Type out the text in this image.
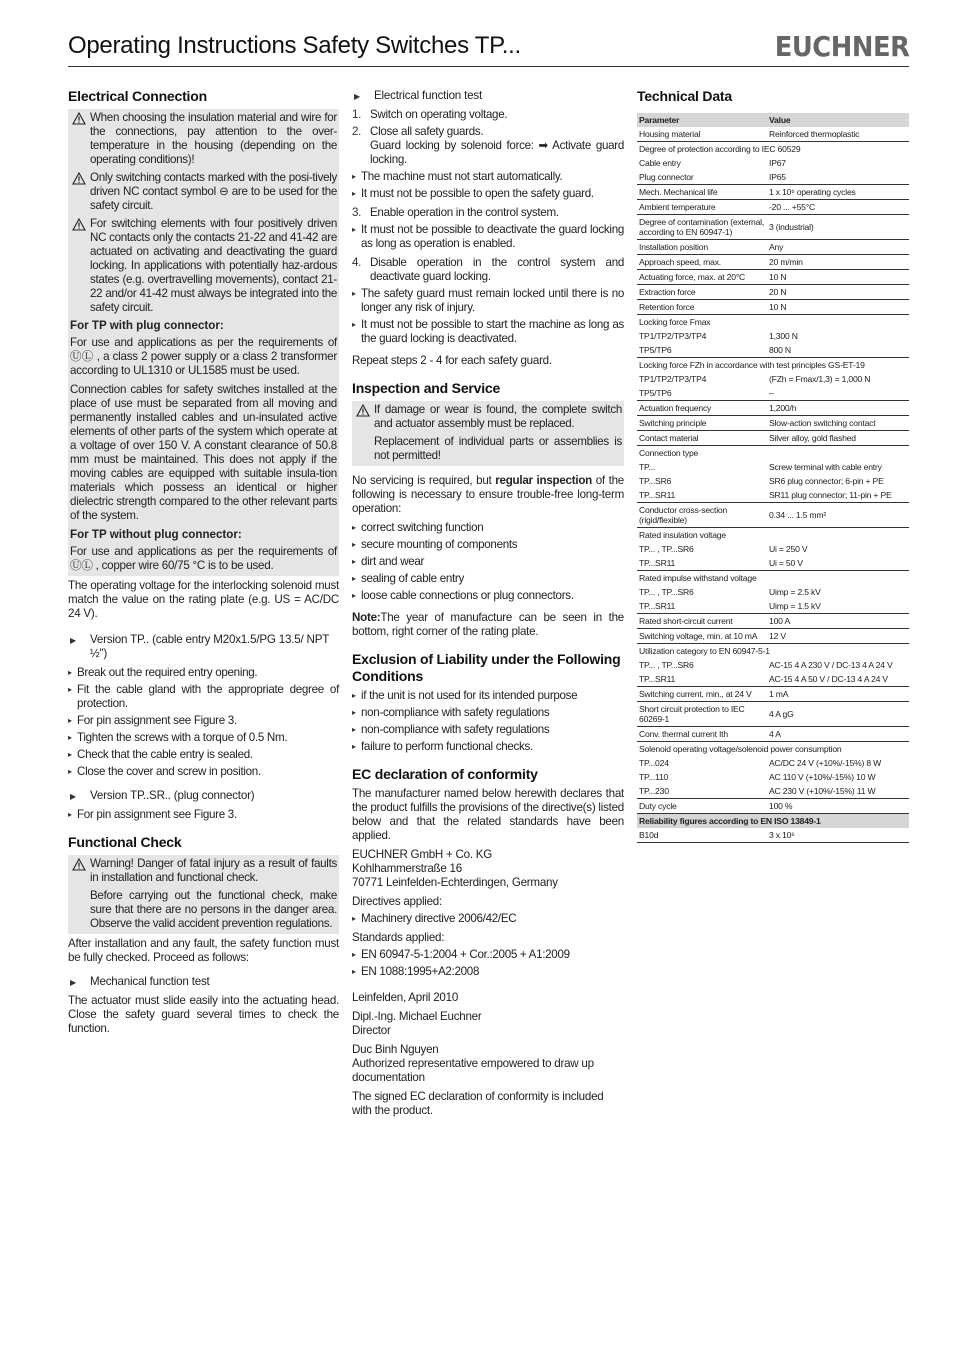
Operating Instructions Safety Switches TP...	EUCHNER
Electrical Connection
When choosing the insulation material and wire for the connections, pay attention to the over-temperature in the housing (depending on the operating conditions)!
Only switching contacts marked with the posi-tively driven NC contact symbol ⊖ are to be used for the safety circuit.
For switching elements with four positively driven NC contacts only the contacts 21-22 and 41-42 are actuated on activating and deactivating the guard locking. In applications with potentially haz-ardous states (e.g. overtravelling movements), contact 21-22 and/or 41-42 must always be integrated into the safety circuit.
For TP with plug connector:

For use and applications as per the requirements of ⓊⓁ , a class 2 power supply or a class 2 transformer according to UL1310 or UL1585 must be used.

Connection cables for safety switches installed at the place of use must be separated from all moving and permanently installed cables and un-insulated active elements of other parts of the system which operate at a voltage of over 150 V. A constant clearance of 50.8 mm must be maintained. This does not apply if the moving cables are equipped with suitable insula-tion materials which possess an identical or higher dielectric strength compared to the other relevant parts of the system.

For TP without plug connector:

For use and applications as per the requirements of ⓊⓁ , copper wire 60/75 °C is to be used.

The operating voltage for the interlocking solenoid must match the value on the rating plate (e.g. US = AC/DC 24 V).

▶ Version TP.. (cable entry M20x1.5/PG 13.5/ NPT ½")
▸ Break out the required entry opening.
▸ Fit the cable gland with the appropriate degree of protection.
▸ For pin assignment see Figure 3.
▸ Tighten the screws with a torque of 0.5 Nm.
▸ Check that the cable entry is sealed.
▸ Close the cover and screw in position.
▶ Version TP..SR.. (plug connector)
▸ For pin assignment see Figure 3.
Functional Check
Warning! Danger of fatal injury as a result of faults in installation and functional check.
Before carrying out the functional check, make sure that there are no persons in the danger area. Observe the valid accident prevention regulations.

After installation and any fault, the safety function must be fully checked. Proceed as follows:

▶ Mechanical function test

The actuator must slide easily into the actuating head. Close the safety guard several times to check the function.

▶ Electrical function test
1. Switch on operating voltage.
2. Close all safety guards.
Guard locking by solenoid force: ➡ Activate guard locking.
▸ The machine must not start automatically.
▸ It must not be possible to open the safety guard.
3. Enable operation in the control system.
▸ It must not be possible to deactivate the guard locking as long as operation is enabled.
4. Disable operation in the control system and deactivate guard locking.
▸ The safety guard must remain locked until there is no longer any risk of injury.
▸ It must not be possible to start the machine as long as the guard locking is deactivated.

Repeat steps 2 - 4 for each safety guard.

Inspection and Service
If damage or wear is found, the complete switch and actuator assembly must be replaced.
Replacement of individual parts or assemblies is not permitted!

No servicing is required, but regular inspection of the following is necessary to ensure trouble-free long-term operation:

▸ correct switching function
▸ secure mounting of components
▸ dirt and wear
▸ sealing of cable entry
▸ loose cable connections or plug connectors.

Note:The year of manufacture can be seen in the bottom, right corner of the rating plate.

Exclusion of Liability under the Following Conditions
▸ if the unit is not used for its intended purpose
▸ non-compliance with safety regulations
▸ non-compliance with safety regulations
▸ failure to perform functional checks.
EC declaration of conformity

The manufacturer named below herewith declares that the product fulfills the provisions of the directive(s) listed below and that the related standards have been applied.

EUCHNER GmbH + Co. KG
Kohlhammerstraße 16
70771 Leinfelden-Echterdingen, Germany

Directives applied:

▸ Machinery directive 2006/42/EC

Standards applied:

▸ EN 60947-5-1:2004 + Cor.:2005 + A1:2009
▸ EN 1088:1995+A2:2008

Leinfelden, April 2010

Dipl.-Ing. Michael Euchner
Director

Duc Binh Nguyen
Authorized representative empowered to draw up documentation

The signed EC declaration of conformity is included with the product.

Technical Data
Parameter	Value
Housing material	Reinforced thermoplastic
Degree of protection according to IEC 60529	
Cable entry	IP67
Plug connector	IP65
Mech. Mechanical life	1 x 10⁶ operating cycles
Ambient temperature	-20 ... +55°C
Degree of contamination (external, according to EN 60947-1)	3 (industrial)
Installation position	Any
Approach speed, max.	20 m/min
Actuating force, max. at 20°C	10 N
Extraction force	20 N
Retention force	10 N
Locking force Fmax	
TP1/TP2/TP3/TP4	1,300 N
TP5/TP6	800 N
Locking force FZh in accordance with test principles GS-ET-19	
TP1/TP2/TP3/TP4	(FZh = Fmax/1,3) = 1,000 N
TP5/TP6	–
Actuation frequency	1,200/h
Switching principle	Slow-action switching contact
Contact material	Silver alloy, gold flashed
Connection type	
TP...	Screw terminal with cable entry
TP...SR6	SR6 plug connector; 6-pin + PE
TP...SR11	SR11 plug connector; 11-pin + PE
Conductor cross-section (rigid/flexible)	0.34 ... 1.5 mm²
Rated insulation voltage	
TP... , TP...SR6	Ui = 250 V
TP...SR11	Ui = 50 V
Rated impulse withstand voltage	
TP... , TP...SR6	Uimp = 2.5 kV
TP...SR11	Uimp = 1.5 kV
Rated short-circuit current	100 A
Switching voltage, min. at 10 mA	12 V
Utilization category to EN 60947-5-1	
TP... , TP...SR6	AC-15 4 A 230 V / DC-13 4 A 24 V
TP...SR11	AC-15 4 A 50 V / DC-13 4 A 24 V
Switching current, min., at 24 V	1 mA
Short circuit protection to IEC 60269-1	4 A gG
Conv. thermal current Ith	4 A
Solenoid operating voltage/solenoid power consumption	
TP...024	AC/DC 24 V (+10%/-15%) 8 W
TP...110	AC 110 V (+10%/-15%) 10 W
TP...230	AC 230 V (+10%/-15%) 11 W
Duty cycle	100 %
Reliability figures according to EN ISO 13849-1	
B10d	3 x 10⁶
